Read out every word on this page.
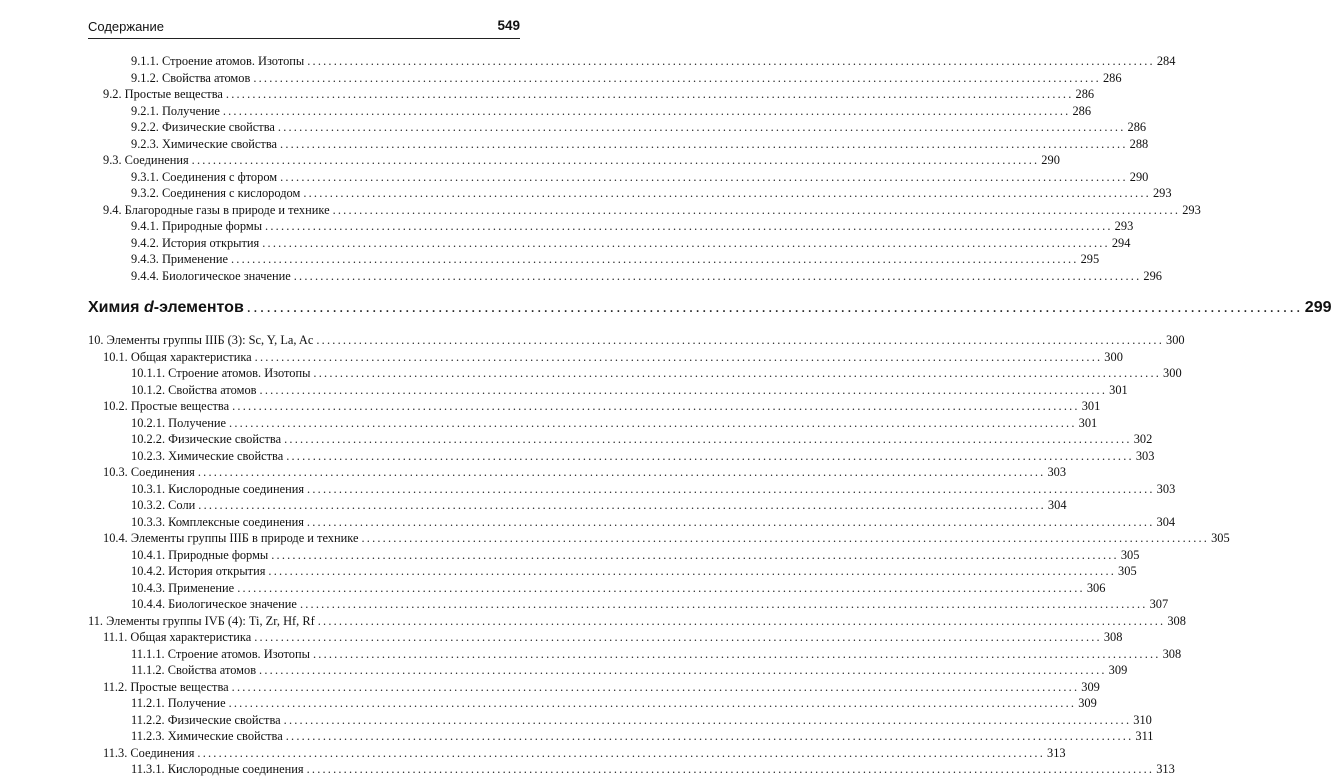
Содержание	549
9.1.1. Строение атомов. Изотопы ................................................................................................................................................................ 284
9.1.2. Свойства атомов ................................................................................................................................................................ 286
9.2. Простые вещества ................................................................................................................................................................ 286
9.2.1. Получение ................................................................................................................................................................ 286
9.2.2. Физические свойства ................................................................................................................................................................ 286
9.2.3. Химические свойства ................................................................................................................................................................ 288
9.3. Соединения ................................................................................................................................................................ 290
9.3.1. Соединения с фтором ................................................................................................................................................................ 290
9.3.2. Соединения с кислородом ................................................................................................................................................................ 293
9.4. Благородные газы в природе и технике ................................................................................................................................................................ 293
9.4.1. Природные формы ................................................................................................................................................................ 293
9.4.2. История открытия ................................................................................................................................................................ 294
9.4.3. Применение ................................................................................................................................................................ 295
9.4.4. Биологическое значение ................................................................................................................................................................ 296
Химия d-элементов ................................................................................................................................................................ 299
10. Элементы группы IIIБ (3): Sc, Y, La, Ac ................................................................................................................................................................ 300
10.1. Общая характеристика ................................................................................................................................................................ 300
10.1.1. Строение атомов. Изотопы ................................................................................................................................................................ 300
10.1.2. Свойства атомов ................................................................................................................................................................ 301
10.2. Простые вещества ................................................................................................................................................................ 301
10.2.1. Получение ................................................................................................................................................................ 301
10.2.2. Физические свойства ................................................................................................................................................................ 302
10.2.3. Химические свойства ................................................................................................................................................................ 303
10.3. Соединения ................................................................................................................................................................ 303
10.3.1. Кислородные соединения ................................................................................................................................................................ 303
10.3.2. Соли ................................................................................................................................................................ 304
10.3.3. Комплексные соединения ................................................................................................................................................................ 304
10.4. Элементы группы IIIБ в природе и технике ................................................................................................................................................................ 305
10.4.1. Природные формы ................................................................................................................................................................ 305
10.4.2. История открытия ................................................................................................................................................................ 305
10.4.3. Применение ................................................................................................................................................................ 306
10.4.4. Биологическое значение ................................................................................................................................................................ 307
11. Элементы группы IVБ (4): Ti, Zr, Hf, Rf ................................................................................................................................................................ 308
11.1. Общая характеристика ................................................................................................................................................................ 308
11.1.1. Строение атомов. Изотопы ................................................................................................................................................................ 308
11.1.2. Свойства атомов ................................................................................................................................................................ 309
11.2. Простые вещества ................................................................................................................................................................ 309
11.2.1. Получение ................................................................................................................................................................ 309
11.2.2. Физические свойства ................................................................................................................................................................ 310
11.2.3. Химические свойства ................................................................................................................................................................ 311
11.3. Соединения ................................................................................................................................................................ 313
11.3.1. Кислородные соединения ................................................................................................................................................................ 313
